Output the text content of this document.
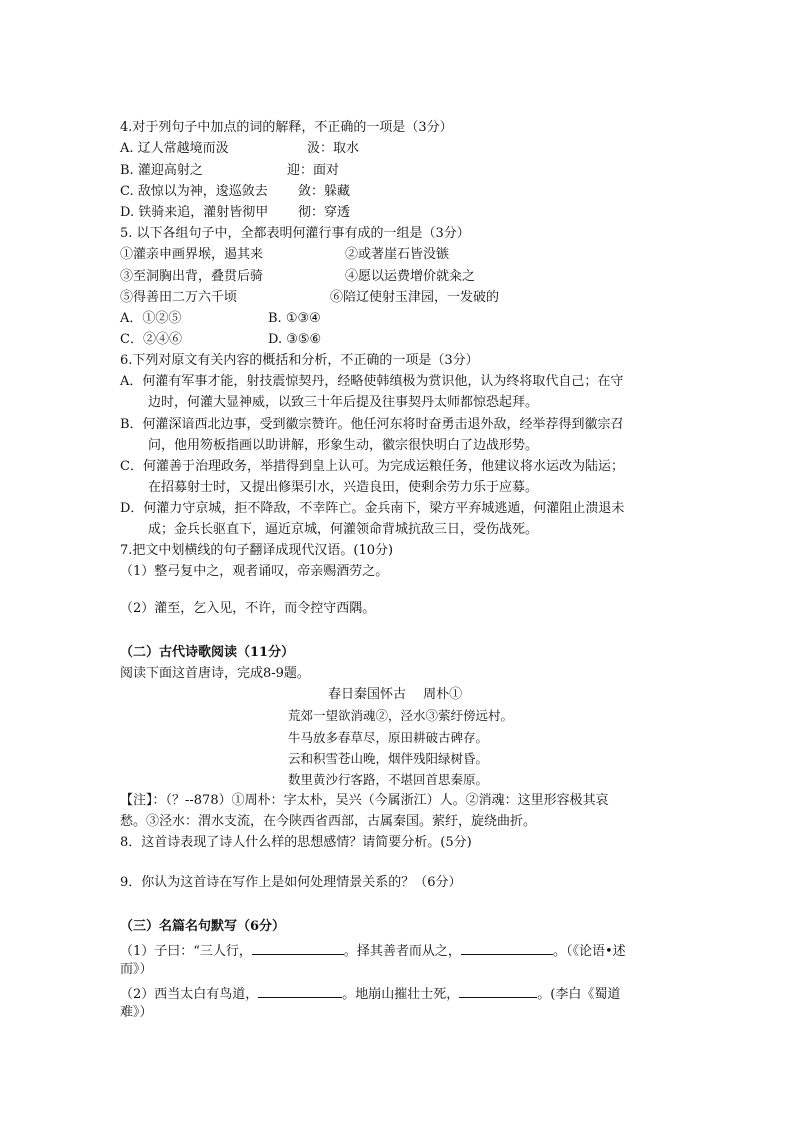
4.对于列句子中加点的词的解释，不正确的一项是（3分）
A. 辽人常越境而汲	汲：取水
B. 灌迎高射之	迎：面对
C. 敌惊以为神，逡巡敛去 敛：躲藏
D. 铁骑来追，灌射皆彻甲 彻：穿透
5. 以下各组句子中，全都表明何灌行事有成的一组是（3分）
①灌亲申画界堠，遏其来	②或著崖石皆没镞
③至洞胸出背，叠贯后骑	④愿以运费增价就籴之
⑤得善田二万六千顷	⑥陪辽使射玉津园，一发破的
A．①②⑤	B. ①③④
C．②④⑥	D. ③⑤⑥
6.下列对原文有关内容的概括和分析，不正确的一项是（3分）
A．何灌有军事才能，射技震惊契丹，经略使韩缜极为赏识他，认为终将取代自己；在守
边时，何灌大显神威，以致三十年后提及往事契丹太师都惊恐起拜。
B．何灌深谙西北边事，受到徽宗赞许。他任河东将时奋勇击退外敌，经举荐得到徽宗召
问，他用笏板指画以助讲解，形象生动，徽宗很快明白了边战形势。
C．何灌善于治理政务，举措得到皇上认可。为完成运粮任务，他建议将水运改为陆运；
在招募射士时，又提出修渠引水，兴造良田，使剩余劳力乐于应募。
D．何灌力守京城，拒不降敌，不幸阵亡。金兵南下，梁方平弃城逃遁，何灌阻止溃退未
成；金兵长驱直下，逼近京城，何灌领命背城抗敌三日，受伤战死。
7.把文中划横线的句子翻译成现代汉语。(10分)
（1）整弓复中之，观者诵叹，帝亲赐酒劳之。
（2）灌至，乞入见，不许，而令控守西隅。
（二）古代诗歌阅读（11分）
阅读下面这首唐诗，完成8-9题。
春日秦国怀古　 周朴①
荒郊一望欲消魂②，泾水③萦纡傍远村。
牛马放多春草尽，原田耕破古碑存。
云和积雪苍山晚，烟伴残阳绿树昏。
数里黄沙行客路，不堪回首思秦原。
【注】：（？--878）①周朴：字太朴，吴兴（今属浙江）人。②消魂：这里形容极其哀
愁。③泾水：渭水支流，在今陕西省西部，古属秦国。萦纡，旋绕曲折。
8．这首诗表现了诗人什么样的思想感情？请简要分析。(5分)
9．你认为这首诗在写作上是如何处理情景关系的？（6分）
（三）名篇名句默写（6分）
（1）子曰：“三人行，	。择其善者而从之，	。（《论语•述
而》）
（2）西当太白有鸟道，	。地崩山摧壮士死，	。(李白《蜀道
难》）
